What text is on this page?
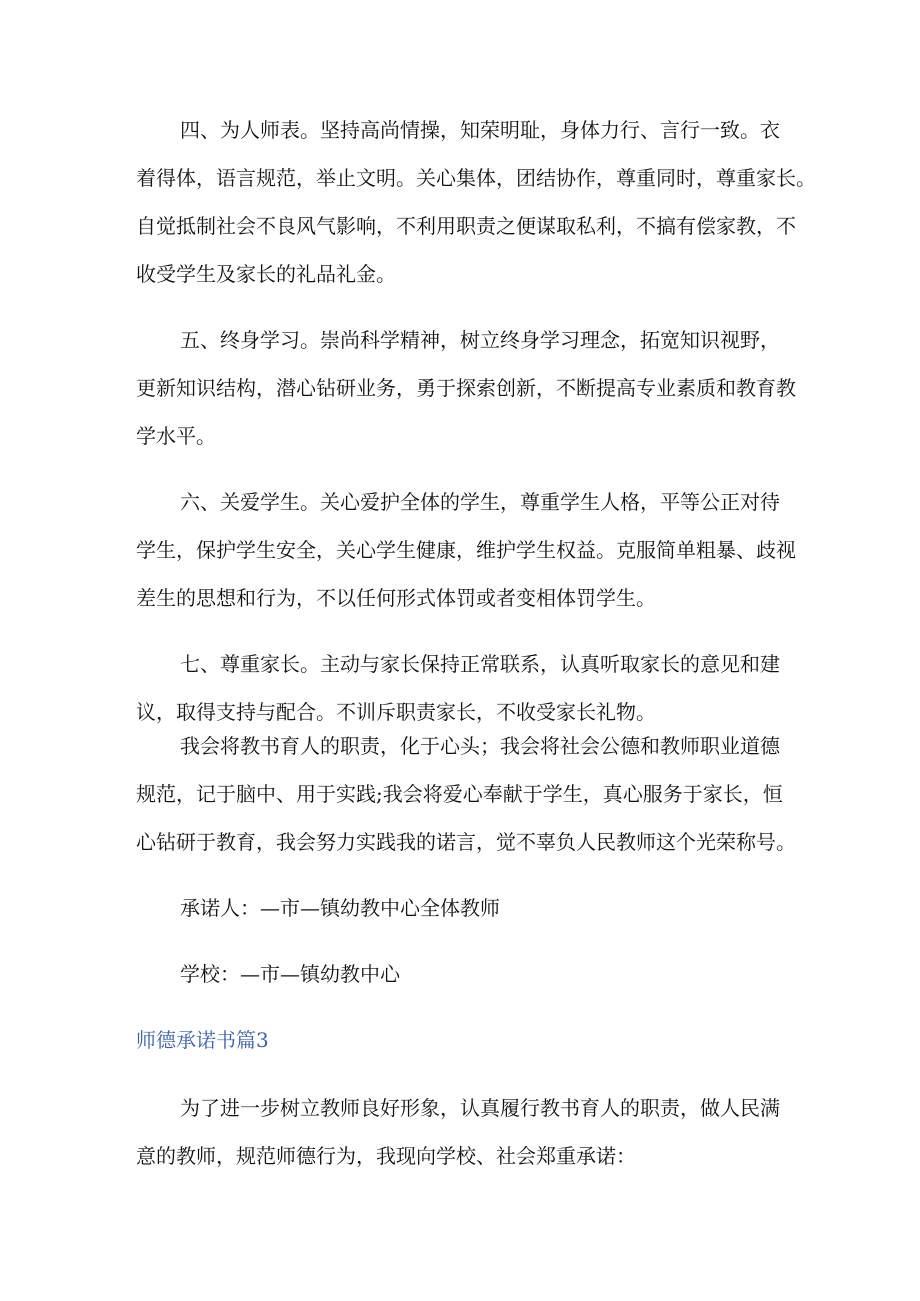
四、为人师表。坚持高尚情操，知荣明耻，身体力行、言行一致。衣
着得体，语言规范，举止文明。关心集体，团结协作，尊重同时，尊重家长。
自觉抵制社会不良风气影响，不利用职责之便谋取私利，不搞有偿家教，不
收受学生及家长的礼品礼金。
五、终身学习。崇尚科学精神，树立终身学习理念，拓宽知识视野，
更新知识结构，潜心钻研业务，勇于探索创新，不断提高专业素质和教育教
学水平。
六、关爱学生。关心爱护全体的学生，尊重学生人格，平等公正对待
学生，保护学生安全，关心学生健康，维护学生权益。克服简单粗暴、歧视
差生的思想和行为，不以任何形式体罚或者变相体罚学生。
七、尊重家长。主动与家长保持正常联系，认真听取家长的意见和建
议，取得支持与配合。不训斥职责家长，不收受家长礼物。
我会将教书育人的职责，化于心头；我会将社会公德和教师职业道德
规范，记于脑中、用于实践;我会将爱心奉献于学生，真心服务于家长，恒
心钻研于教育，我会努力实践我的诺言，觉不辜负人民教师这个光荣称号。
承诺人：—市—镇幼教中心全体教师
学校：—市—镇幼教中心
师德承诺书篇3
为了进一步树立教师良好形象，认真履行教书育人的职责，做人民满
意的教师，规范师德行为，我现向学校、社会郑重承诺：
